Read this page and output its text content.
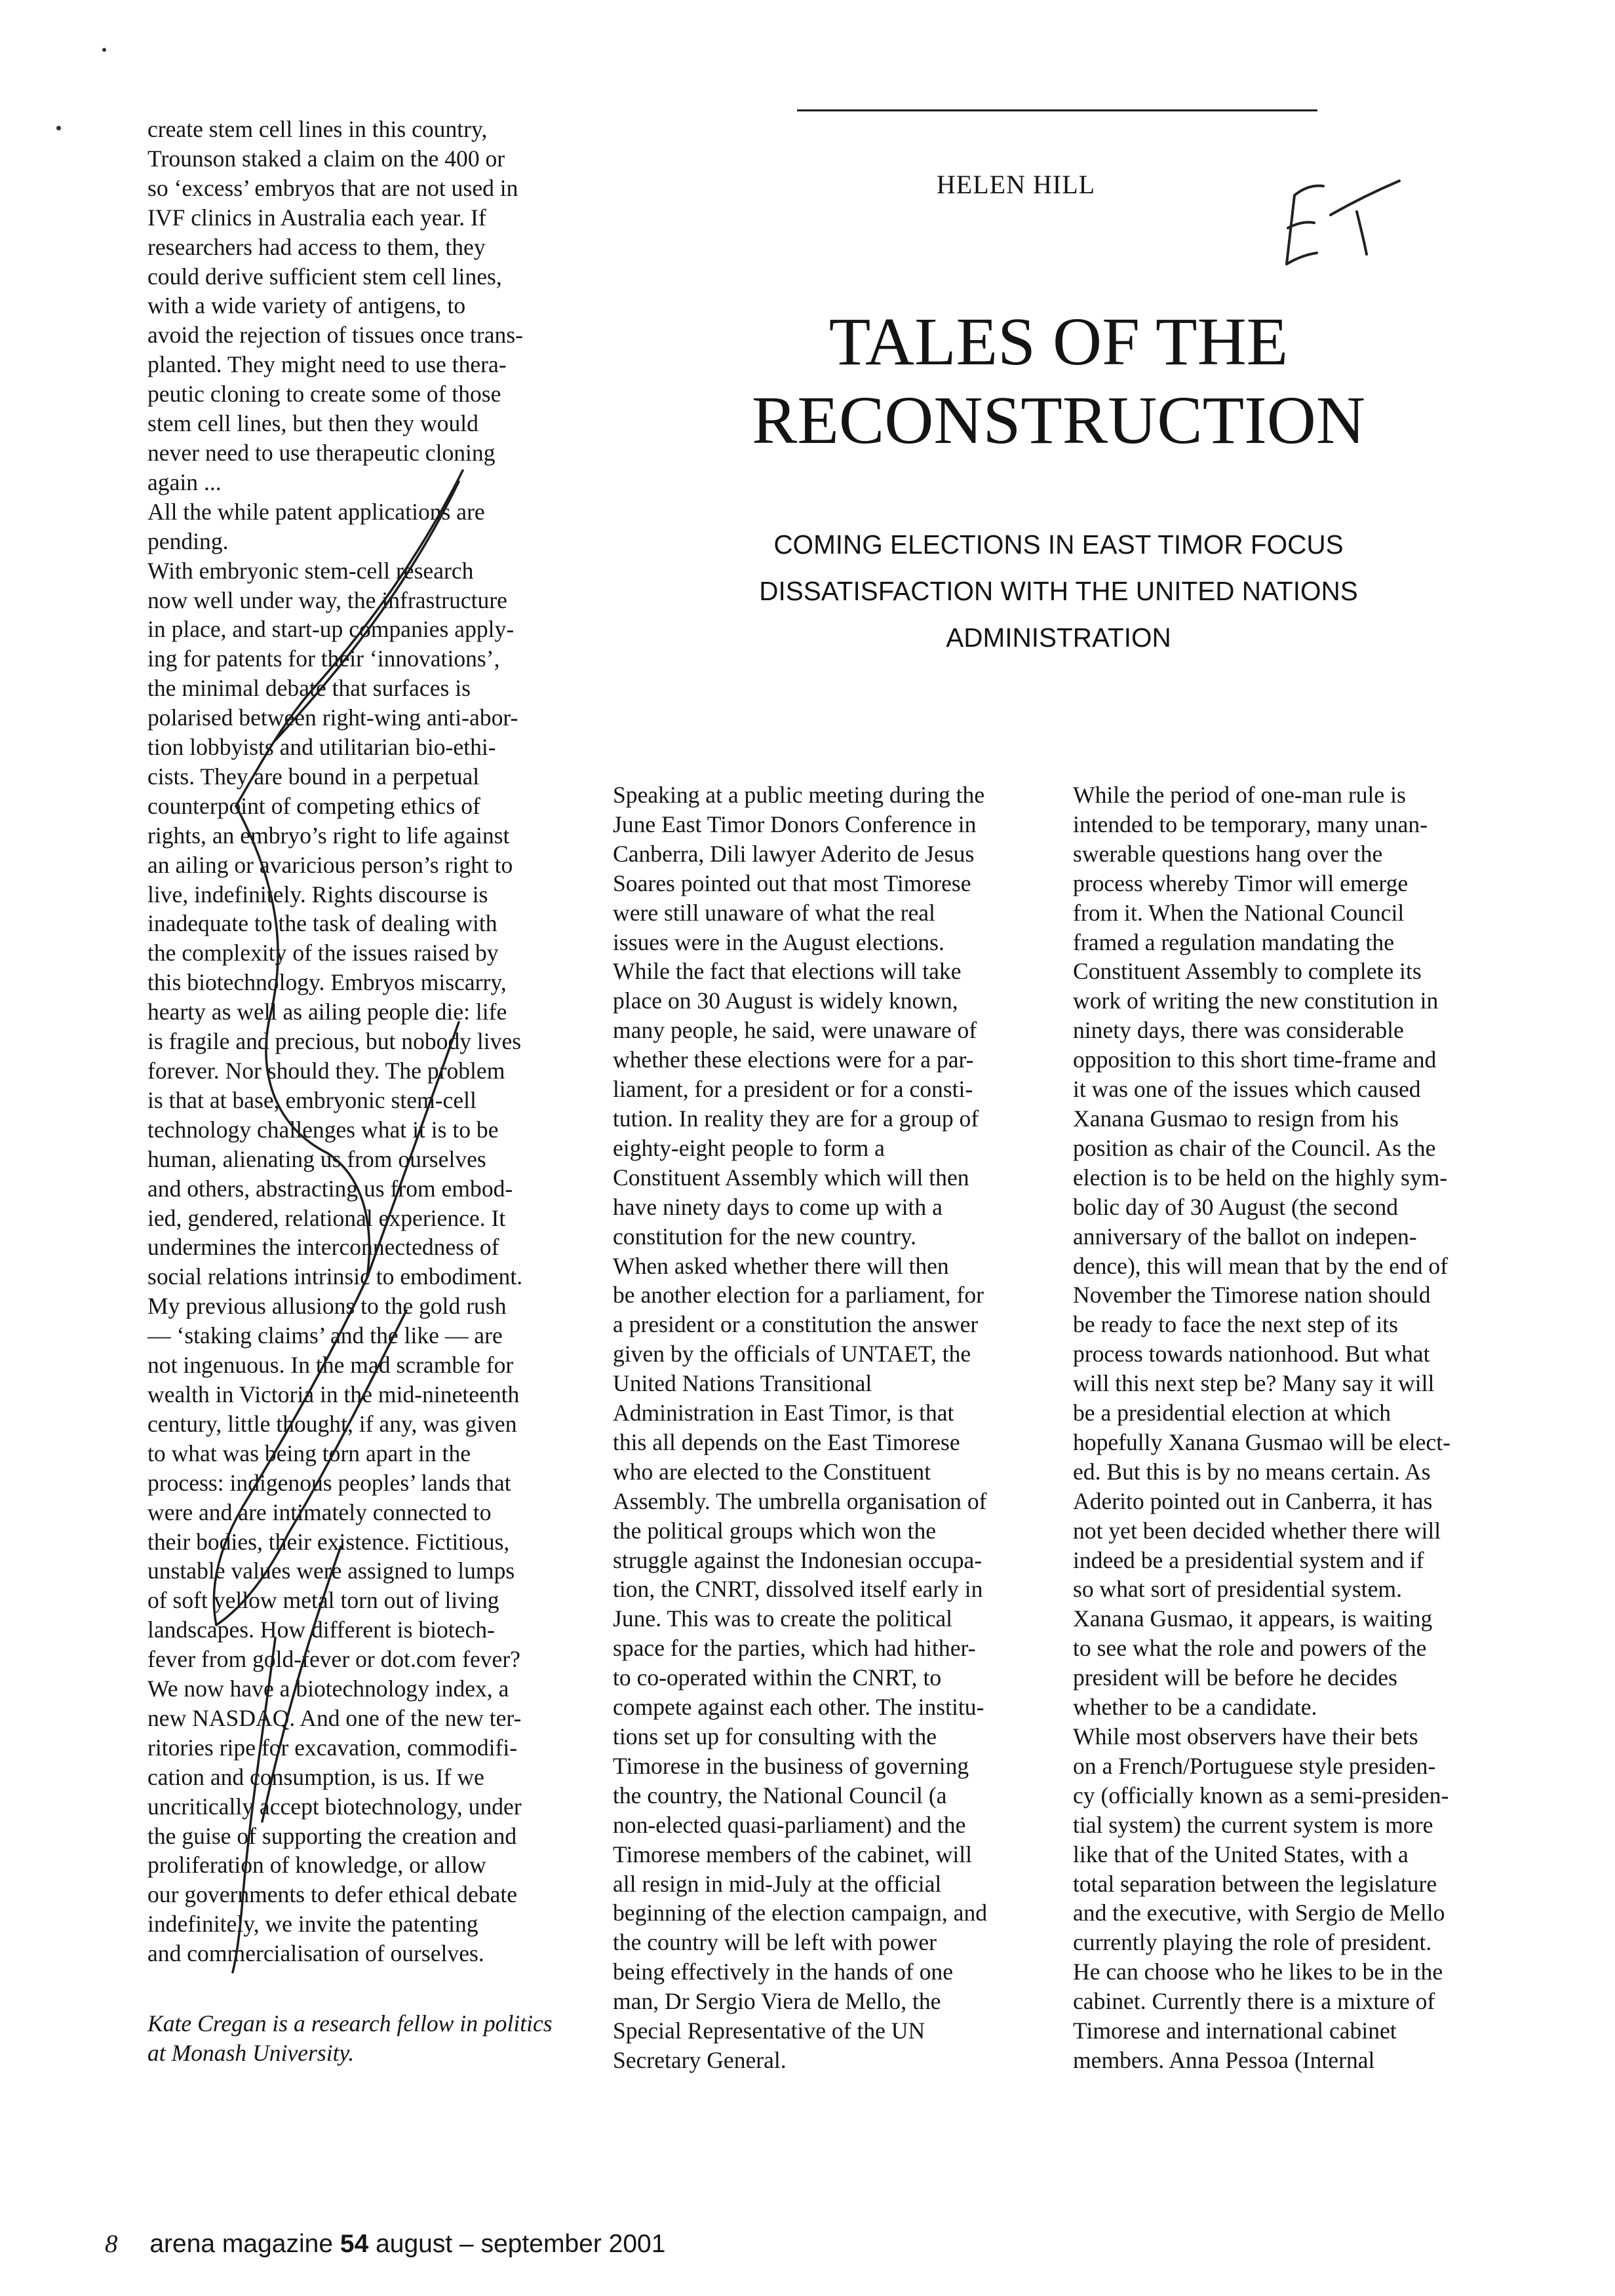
create stem cell lines in this country,

Trounson staked a claim on the 400 or

so ‘excess’ embryos that are not used in

IVF clinics in Australia each year. If

researchers had access to them, they

could derive sufficient stem cell lines,

with a wide variety of antigens, to

avoid the rejection of tissues once trans-

planted. They might need to use thera-

peutic cloning to create some of those

stem cell lines, but then they would

never need to use therapeutic cloning

again ...

All the while patent applications are

pending.

With embryonic stem-cell research

now well under way, the infrastructure

in place, and start-up companies apply-

ing for patents for their ‘innovations’,

the minimal debate that surfaces is

polarised between right-wing anti-abor-

tion lobbyists and utilitarian bio-ethi-

cists. They are bound in a perpetual

counterpoint of competing ethics of

rights, an embryo’s right to life against

an ailing or avaricious person’s right to

live, indefinitely. Rights discourse is

inadequate to the task of dealing with

the complexity of the issues raised by

this biotechnology. Embryos miscarry,

hearty as well as ailing people die: life

is fragile and precious, but nobody lives

forever. Nor should they. The problem

is that at base, embryonic stem-cell

technology challenges what it is to be

human, alienating us from ourselves

and others, abstracting us from embod-

ied, gendered, relational experience. It

undermines the interconnectedness of

social relations intrinsic to embodiment.

My previous allusions to the gold rush

— ‘staking claims’ and the like — are

not ingenuous. In the mad scramble for

wealth in Victoria in the mid-nineteenth

century, little thought, if any, was given

to what was being torn apart in the

process: indigenous peoples’ lands that

were and are intimately connected to

their bodies, their existence. Fictitious,

unstable values were assigned to lumps

of soft yellow metal torn out of living

landscapes. How different is biotech-

fever from gold-fever or dot.com fever?

We now have a biotechnology index, a

new NASDAQ. And one of the new ter-

ritories ripe for excavation, commodifi-

cation and consumption, is us. If we

uncritically accept biotechnology, under

the guise of supporting the creation and

proliferation of knowledge, or allow

our governments to defer ethical debate

indefinitely, we invite the patenting

and commercialisation of ourselves.

Kate Cregan is a research fellow in politics

at Monash University.

HELEN HILL
TALES OF THE
RECONSTRUCTION

COMING ELECTIONS IN EAST TIMOR FOCUS
DISSATISFACTION WITH THE UNITED NATIONS
ADMINISTRATION

Speaking at a public meeting during the

June East Timor Donors Conference in

Canberra, Dili lawyer Aderito de Jesus

Soares pointed out that most Timorese

were still unaware of what the real

issues were in the August elections.

While the fact that elections will take

place on 30 August is widely known,

many people, he said, were unaware of

whether these elections were for a par-

liament, for a president or for a consti-

tution. In reality they are for a group of

eighty-eight people to form a

Constituent Assembly which will then

have ninety days to come up with a

constitution for the new country.

When asked whether there will then

be another election for a parliament, for

a president or a constitution the answer

given by the officials of UNTAET, the

United Nations Transitional

Administration in East Timor, is that

this all depends on the East Timorese

who are elected to the Constituent

Assembly. The umbrella organisation of

the political groups which won the

struggle against the Indonesian occupa-

tion, the CNRT, dissolved itself early in

June. This was to create the political

space for the parties, which had hither-

to co-operated within the CNRT, to

compete against each other. The institu-

tions set up for consulting with the

Timorese in the business of governing

the country, the National Council (a

non-elected quasi-parliament) and the

Timorese members of the cabinet, will

all resign in mid-July at the official

beginning of the election campaign, and

the country will be left with power

being effectively in the hands of one

man, Dr Sergio Viera de Mello, the

Special Representative of the UN

Secretary General.

While the period of one-man rule is

intended to be temporary, many unan-

swerable questions hang over the

process whereby Timor will emerge

from it. When the National Council

framed a regulation mandating the

Constituent Assembly to complete its

work of writing the new constitution in

ninety days, there was considerable

opposition to this short time-frame and

it was one of the issues which caused

Xanana Gusmao to resign from his

position as chair of the Council. As the

election is to be held on the highly sym-

bolic day of 30 August (the second

anniversary of the ballot on indepen-

dence), this will mean that by the end of

November the Timorese nation should

be ready to face the next step of its

process towards nationhood. But what

will this next step be? Many say it will

be a presidential election at which

hopefully Xanana Gusmao will be elect-

ed. But this is by no means certain. As

Aderito pointed out in Canberra, it has

not yet been decided whether there will

indeed be a presidential system and if

so what sort of presidential system.

Xanana Gusmao, it appears, is waiting

to see what the role and powers of the

president will be before he decides

whether to be a candidate.

While most observers have their bets

on a French/Portuguese style presiden-

cy (officially known as a semi-presiden-

tial system) the current system is more

like that of the United States, with a

total separation between the legislature

and the executive, with Sergio de Mello

currently playing the role of president.

He can choose who he likes to be in the

cabinet. Currently there is a mixture of

Timorese and international cabinet

members. Anna Pessoa (Internal

8 arena magazine 54 august – september 2001
